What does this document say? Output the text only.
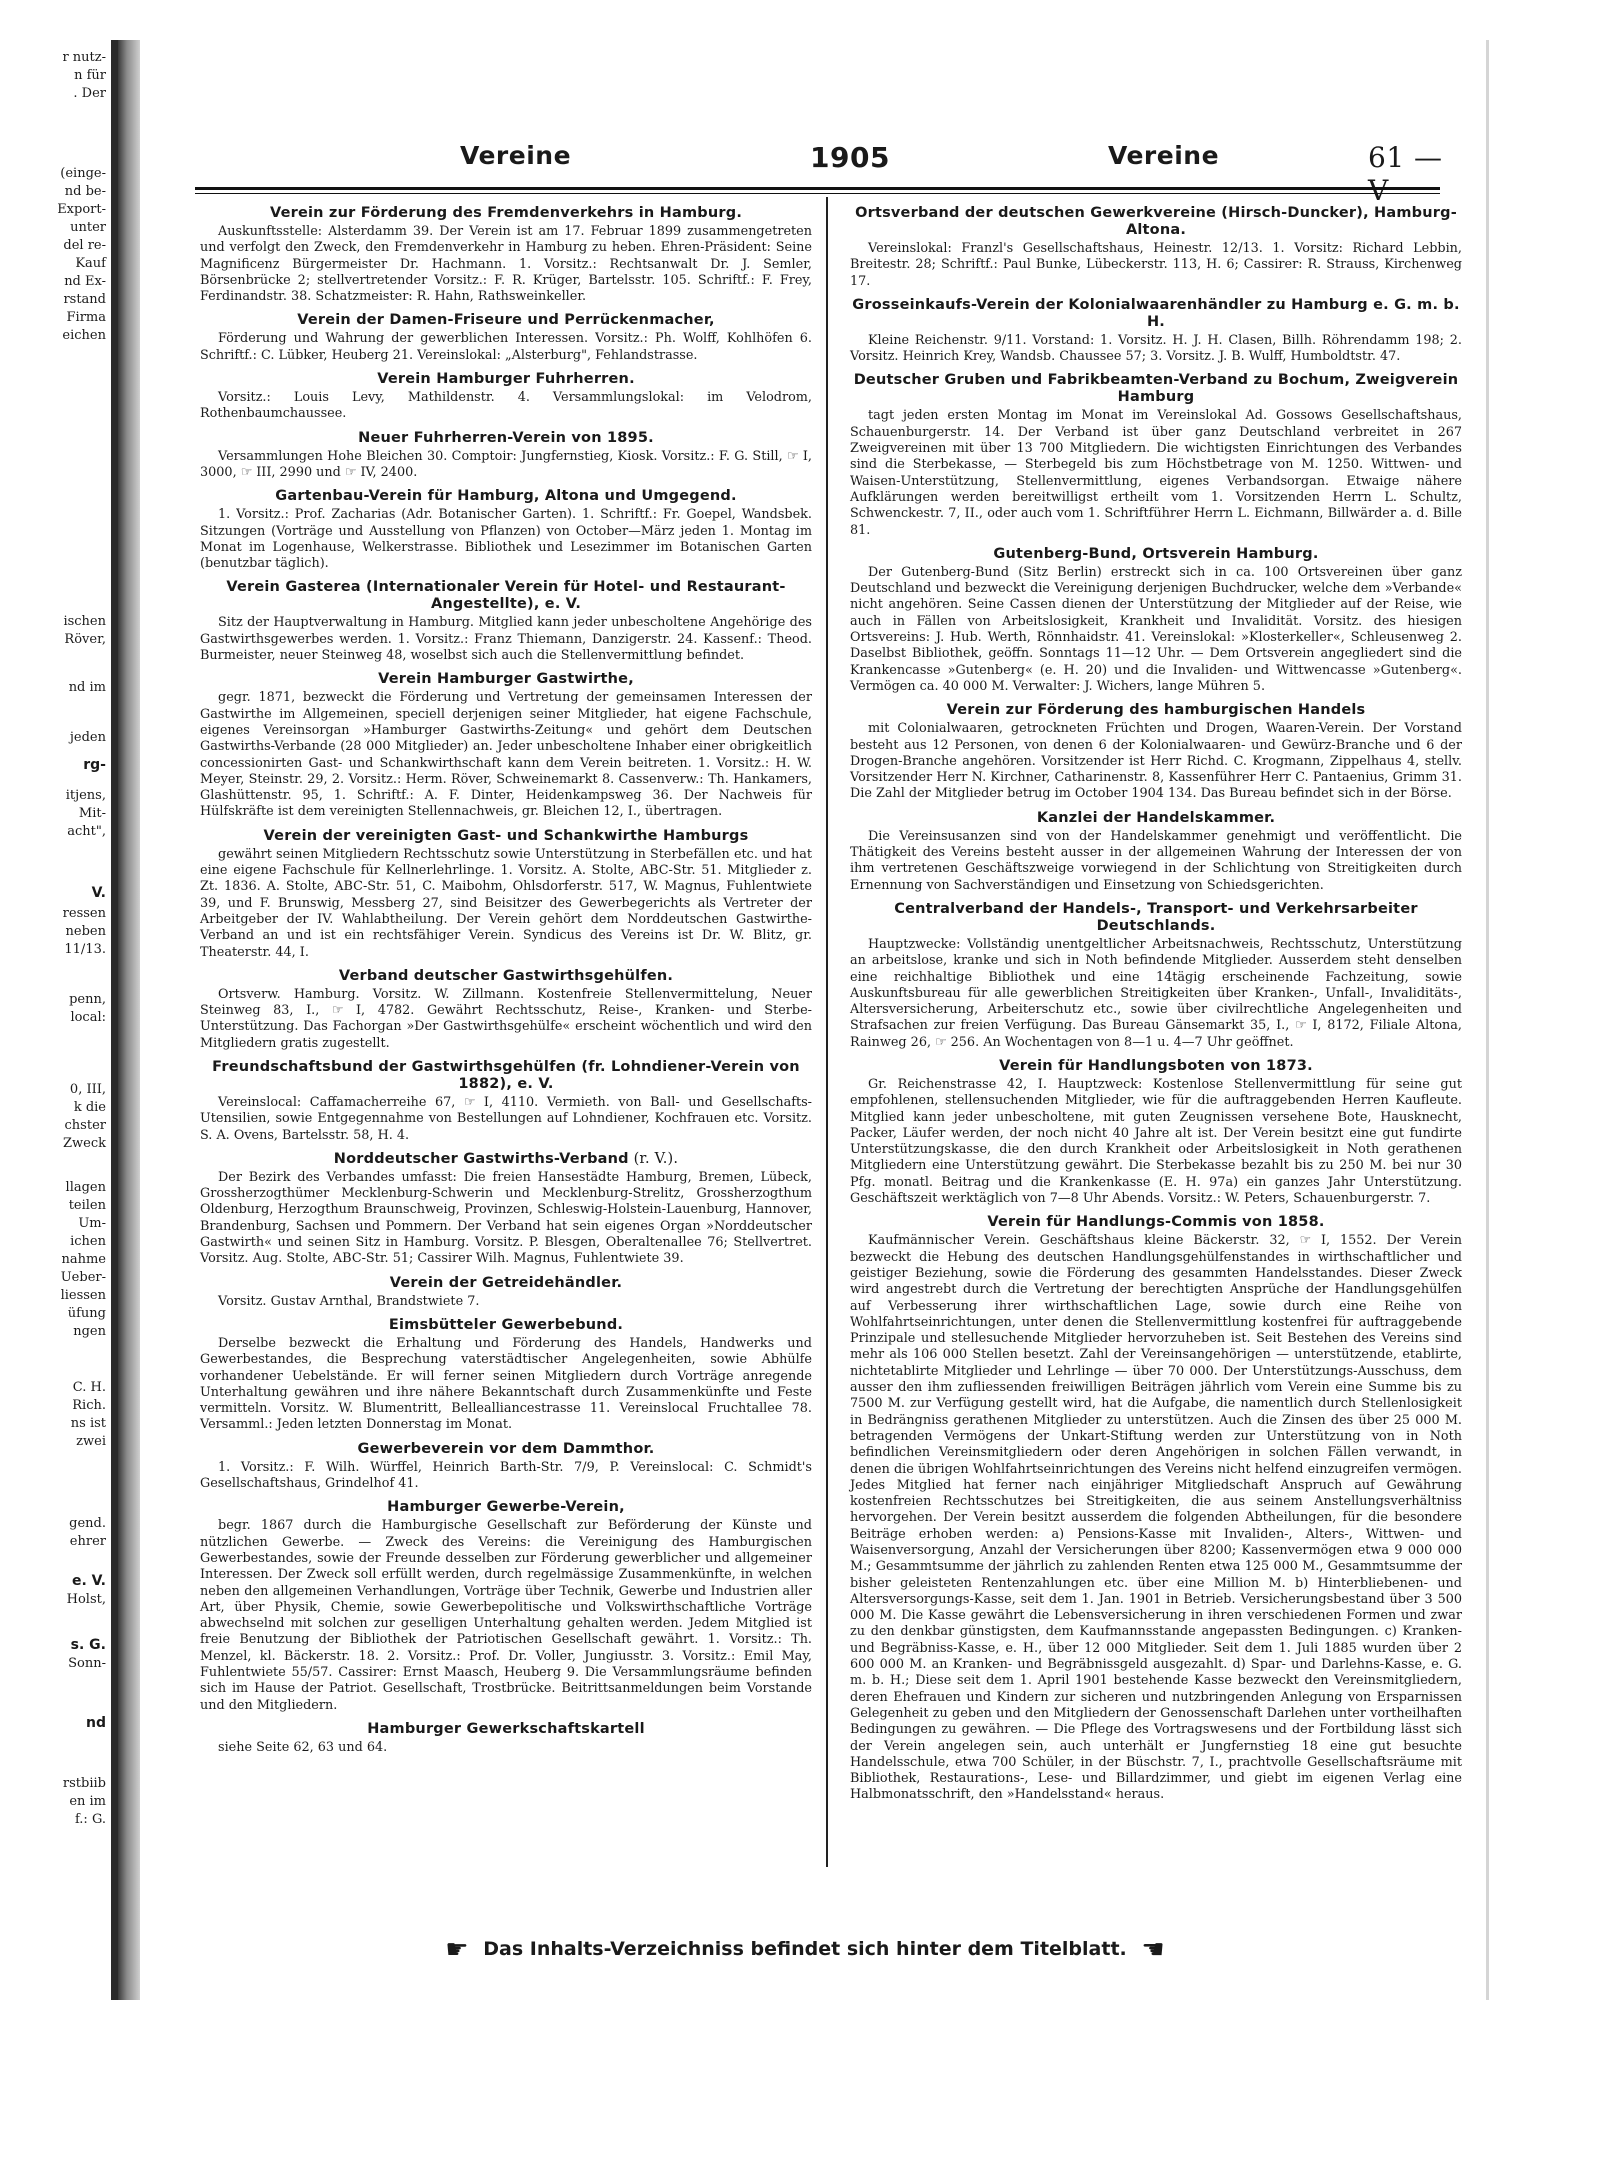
r nutz-
n für
. Der
(einge-
nd be-
Export-
unter
del re-
Kauf
nd Ex-
rstand
Firma
eichen
ischen
Röver,
nd im
jeden
rg-
itjens,
Mit-
acht",
V.
ressen
neben
11/13.
penn,
local:
0, III,
k die
chster
Zweck
llagen
teilen
Um-
ichen
nahme
Ueber-
liessen
üfung
ngen
C. H.
Rich.
ns ist
zwei
gend.
ehrer
e. V.
Holst,
s. G.
Sonn-
nd
rstbiib
en im
f.: G.
Vereine	1905	Vereine	61 — V
Verein zur Förderung des Fremdenverkehrs in Hamburg.

Auskunftsstelle: Alsterdamm 39. Der Verein ist am 17. Februar 1899 zusammengetreten und verfolgt den Zweck, den Fremdenverkehr in Hamburg zu heben. Ehren-Präsident: Seine Magnificenz Bürgermeister Dr. Hachmann. 1. Vorsitz.: Rechtsanwalt Dr. J. Semler, Börsenbrücke 2; stellvertretender Vorsitz.: F. R. Krüger, Bartelsstr. 105. Schriftf.: F. Frey, Ferdinandstr. 38. Schatzmeister: R. Hahn, Rathsweinkeller.

Verein der Damen-Friseure und Perrückenmacher,

Förderung und Wahrung der gewerblichen Interessen. Vorsitz.: Ph. Wolff, Kohlhöfen 6. Schriftf.: C. Lübker, Heuberg 21. Vereinslokal: „Alsterburg", Fehlandstrasse.

Verein Hamburger Fuhrherren.

Vorsitz.: Louis Levy, Mathildenstr. 4. Versammlungslokal: im Velodrom, Rothenbaumchaussee.

Neuer Fuhrherren-Verein von 1895.

Versammlungen Hohe Bleichen 30. Comptoir: Jungfernstieg, Kiosk. Vorsitz.: F. G. Still, ☞ I, 3000, ☞ III, 2990 und ☞ IV, 2400.

Gartenbau-Verein für Hamburg, Altona und Umgegend.

1. Vorsitz.: Prof. Zacharias (Adr. Botanischer Garten). 1. Schriftf.: Fr. Goepel, Wandsbek. Sitzungen (Vorträge und Ausstellung von Pflanzen) von October—März jeden 1. Montag im Monat im Logenhause, Welkerstrasse. Bibliothek und Lesezimmer im Botanischen Garten (benutzbar täglich).

Verein Gasterea (Internationaler Verein für Hotel- und Restaurant-Angestellte), e. V.

Sitz der Hauptverwaltung in Hamburg. Mitglied kann jeder unbescholtene Angehörige des Gastwirthsgewerbes werden. 1. Vorsitz.: Franz Thiemann, Danzigerstr. 24. Kassenf.: Theod. Burmeister, neuer Steinweg 48, woselbst sich auch die Stellenvermittlung befindet.

Verein Hamburger Gastwirthe,

gegr. 1871, bezweckt die Förderung und Vertretung der gemeinsamen Interessen der Gastwirthe im Allgemeinen, speciell derjenigen seiner Mitglieder, hat eigene Fachschule, eigenes Vereinsorgan »Hamburger Gastwirths-Zeitung« und gehört dem Deutschen Gastwirths-Verbande (28 000 Mitglieder) an. Jeder unbescholtene Inhaber einer obrigkeitlich concessionirten Gast- und Schankwirthschaft kann dem Verein beitreten. 1. Vorsitz.: H. W. Meyer, Steinstr. 29, 2. Vorsitz.: Herm. Röver, Schweinemarkt 8. Cassenverw.: Th. Hankamers, Glashüttenstr. 95, 1. Schriftf.: A. F. Dinter, Heidenkampsweg 36. Der Nachweis für Hülfskräfte ist dem vereinigten Stellennachweis, gr. Bleichen 12, I., übertragen.

Verein der vereinigten Gast- und Schankwirthe Hamburgs

gewährt seinen Mitgliedern Rechtsschutz sowie Unterstützung in Sterbefällen etc. und hat eine eigene Fachschule für Kellnerlehrlinge. 1. Vorsitz. A. Stolte, ABC-Str. 51. Mitglieder z. Zt. 1836. A. Stolte, ABC-Str. 51, C. Maibohm, Ohlsdorferstr. 517, W. Magnus, Fuhlentwiete 39, und F. Brunswig, Messberg 27, sind Beisitzer des Gewerbegerichts als Vertreter der Arbeitgeber der IV. Wahlabtheilung. Der Verein gehört dem Norddeutschen Gastwirthe-Verband an und ist ein rechtsfähiger Verein. Syndicus des Vereins ist Dr. W. Blitz, gr. Theaterstr. 44, I.

Verband deutscher Gastwirthsgehülfen.

Ortsverw. Hamburg. Vorsitz. W. Zillmann. Kostenfreie Stellenvermittelung, Neuer Steinweg 83, I., ☞ I, 4782. Gewährt Rechtsschutz, Reise-, Kranken- und Sterbe-Unterstützung. Das Fachorgan »Der Gastwirthsgehülfe« erscheint wöchentlich und wird den Mitgliedern gratis zugestellt.

Freundschaftsbund der Gastwirthsgehülfen (fr. Lohndiener-Verein von 1882), e. V.

Vereinslocal: Caffamacherreihe 67, ☞ I, 4110. Vermieth. von Ball- und Gesellschafts-Utensilien, sowie Entgegennahme von Bestellungen auf Lohndiener, Kochfrauen etc. Vorsitz. S. A. Ovens, Bartelsstr. 58, H. 4.

Norddeutscher Gastwirths-Verband (r. V.).

Der Bezirk des Verbandes umfasst: Die freien Hansestädte Hamburg, Bremen, Lübeck, Grossherzogthümer Mecklenburg-Schwerin und Mecklenburg-Strelitz, Grossherzogthum Oldenburg, Herzogthum Braunschweig, Provinzen, Schleswig-Holstein-Lauenburg, Hannover, Brandenburg, Sachsen und Pommern. Der Verband hat sein eigenes Organ »Norddeutscher Gastwirth« und seinen Sitz in Hamburg. Vorsitz. P. Blesgen, Oberaltenallee 76; Stellvertret. Vorsitz. Aug. Stolte, ABC-Str. 51; Cassirer Wilh. Magnus, Fuhlentwiete 39.

Verein der Getreidehändler.

Vorsitz. Gustav Arnthal, Brandstwiete 7.

Eimsbütteler Gewerbebund.

Derselbe bezweckt die Erhaltung und Förderung des Handels, Handwerks und Gewerbestandes, die Besprechung vaterstädtischer Angelegenheiten, sowie Abhülfe vorhandener Uebelstände. Er will ferner seinen Mitgliedern durch Vorträge anregende Unterhaltung gewähren und ihre nähere Bekanntschaft durch Zusammenkünfte und Feste vermitteln. Vorsitz. W. Blumentritt, Bellealliancestrasse 11. Vereinslocal Fruchtallee 78. Versamml.: Jeden letzten Donnerstag im Monat.

Gewerbeverein vor dem Dammthor.

1. Vorsitz.: F. Wilh. Würffel, Heinrich Barth-Str. 7/9, P. Vereinslocal: C. Schmidt's Gesellschaftshaus, Grindelhof 41.

Hamburger Gewerbe-Verein,

begr. 1867 durch die Hamburgische Gesellschaft zur Beförderung der Künste und nützlichen Gewerbe. — Zweck des Vereins: die Vereinigung des Hamburgischen Gewerbestandes, sowie der Freunde desselben zur Förderung gewerblicher und allgemeiner Interessen. Der Zweck soll erfüllt werden, durch regelmässige Zusammenkünfte, in welchen neben den allgemeinen Verhandlungen, Vorträge über Technik, Gewerbe und Industrien aller Art, über Physik, Chemie, sowie Gewerbepolitische und Volkswirthschaftliche Vorträge abwechselnd mit solchen zur geselligen Unterhaltung gehalten werden. Jedem Mitglied ist freie Benutzung der Bibliothek der Patriotischen Gesellschaft gewährt. 1. Vorsitz.: Th. Menzel, kl. Bäckerstr. 18. 2. Vorsitz.: Prof. Dr. Voller, Jungiusstr. 3. Vorsitz.: Emil May, Fuhlentwiete 55/57. Cassirer: Ernst Maasch, Heuberg 9. Die Versammlungsräume befinden sich im Hause der Patriot. Gesellschaft, Trostbrücke. Beitrittsanmeldungen beim Vorstande und den Mitgliedern.

Hamburger Gewerkschaftskartell

siehe Seite 62, 63 und 64.

Ortsverband der deutschen Gewerkvereine (Hirsch-Duncker), Hamburg-Altona.

Vereinslokal: Franzl's Gesellschaftshaus, Heinestr. 12/13. 1. Vorsitz: Richard Lebbin, Breitestr. 28; Schriftf.: Paul Bunke, Lübeckerstr. 113, H. 6; Cassirer: R. Strauss, Kirchenweg 17.

Grosseinkaufs-Verein der Kolonialwaarenhändler zu Hamburg e. G. m. b. H.

Kleine Reichenstr. 9/11. Vorstand: 1. Vorsitz. H. J. H. Clasen, Billh. Röhrendamm 198; 2. Vorsitz. Heinrich Krey, Wandsb. Chaussee 57; 3. Vorsitz. J. B. Wulff, Humboldtstr. 47.

Deutscher Gruben und Fabrikbeamten-Verband zu Bochum, Zweigverein Hamburg

tagt jeden ersten Montag im Monat im Vereinslokal Ad. Gossows Gesellschaftshaus, Schauenburgerstr. 14. Der Verband ist über ganz Deutschland verbreitet in 267 Zweigvereinen mit über 13 700 Mitgliedern. Die wichtigsten Einrichtungen des Verbandes sind die Sterbekasse, — Sterbegeld bis zum Höchstbetrage von M. 1250. Wittwen- und Waisen-Unterstützung, Stellenvermittlung, eigenes Verbandsorgan. Etwaige nähere Aufklärungen werden bereitwilligst ertheilt vom 1. Vorsitzenden Herrn L. Schultz, Schwenckestr. 7, II., oder auch vom 1. Schriftführer Herrn L. Eichmann, Billwärder a. d. Bille 81.

Gutenberg-Bund, Ortsverein Hamburg.

Der Gutenberg-Bund (Sitz Berlin) erstreckt sich in ca. 100 Ortsvereinen über ganz Deutschland und bezweckt die Vereinigung derjenigen Buchdrucker, welche dem »Verbande« nicht angehören. Seine Cassen dienen der Unterstützung der Mitglieder auf der Reise, wie auch in Fällen von Arbeitslosigkeit, Krankheit und Invalidität. Vorsitz. des hiesigen Ortsvereins: J. Hub. Werth, Rönnhaidstr. 41. Vereinslokal: »Klosterkeller«, Schleusenweg 2. Daselbst Bibliothek, geöffn. Sonntags 11—12 Uhr. — Dem Ortsverein angegliedert sind die Krankencasse »Gutenberg« (e. H. 20) und die Invaliden- und Wittwencasse »Gutenberg«. Vermögen ca. 40 000 M. Verwalter: J. Wichers, lange Mühren 5.

Verein zur Förderung des hamburgischen Handels

mit Colonialwaaren, getrockneten Früchten und Drogen, Waaren-Verein. Der Vorstand besteht aus 12 Personen, von denen 6 der Kolonialwaaren- und Gewürz-Branche und 6 der Drogen-Branche angehören. Vorsitzender ist Herr Richd. C. Krogmann, Zippelhaus 4, stellv. Vorsitzender Herr N. Kirchner, Catharinenstr. 8, Kassenführer Herr C. Pantaenius, Grimm 31. Die Zahl der Mitglieder betrug im October 1904 134. Das Bureau befindet sich in der Börse.

Kanzlei der Handelskammer.

Die Vereinsusanzen sind von der Handelskammer genehmigt und veröffentlicht. Die Thätigkeit des Vereins besteht ausser in der allgemeinen Wahrung der Interessen der von ihm vertretenen Geschäftszweige vorwiegend in der Schlichtung von Streitigkeiten durch Ernennung von Sachverständigen und Einsetzung von Schiedsgerichten.

Centralverband der Handels-, Transport- und Verkehrsarbeiter Deutschlands.

Hauptzwecke: Vollständig unentgeltlicher Arbeitsnachweis, Rechtsschutz, Unterstützung an arbeitslose, kranke und sich in Noth befindende Mitglieder. Ausserdem steht denselben eine reichhaltige Bibliothek und eine 14tägig erscheinende Fachzeitung, sowie Auskunftsbureau für alle gewerblichen Streitigkeiten über Kranken-, Unfall-, Invaliditäts-, Altersversicherung, Arbeiterschutz etc., sowie über civilrechtliche Angelegenheiten und Strafsachen zur freien Verfügung. Das Bureau Gänsemarkt 35, I., ☞ I, 8172, Filiale Altona, Rainweg 26, ☞ 256. An Wochentagen von 8—1 u. 4—7 Uhr geöffnet.

Verein für Handlungsboten von 1873.

Gr. Reichenstrasse 42, I. Hauptzweck: Kostenlose Stellenvermittlung für seine gut empfohlenen, stellensuchenden Mitglieder, wie für die auftraggebenden Herren Kaufleute. Mitglied kann jeder unbescholtene, mit guten Zeugnissen versehene Bote, Hausknecht, Packer, Läufer werden, der noch nicht 40 Jahre alt ist. Der Verein besitzt eine gut fundirte Unterstützungskasse, die den durch Krankheit oder Arbeitslosigkeit in Noth gerathenen Mitgliedern eine Unterstützung gewährt. Die Sterbekasse bezahlt bis zu 250 M. bei nur 30 Pfg. monatl. Beitrag und die Krankenkasse (E. H. 97a) ein ganzes Jahr Unterstützung. Geschäftszeit werktäglich von 7—8 Uhr Abends. Vorsitz.: W. Peters, Schauenburgerstr. 7.

Verein für Handlungs-Commis von 1858.

Kaufmännischer Verein. Geschäftshaus kleine Bäckerstr. 32, ☞ I, 1552. Der Verein bezweckt die Hebung des deutschen Handlungsgehülfenstandes in wirthschaftlicher und geistiger Beziehung, sowie die Förderung des gesammten Handelsstandes. Dieser Zweck wird angestrebt durch die Vertretung der berechtigten Ansprüche der Handlungsgehülfen auf Verbesserung ihrer wirthschaftlichen Lage, sowie durch eine Reihe von Wohlfahrtseinrichtungen, unter denen die Stellenvermittlung kostenfrei für auftraggebende Prinzipale und stellesuchende Mitglieder hervorzuheben ist. Seit Bestehen des Vereins sind mehr als 106 000 Stellen besetzt. Zahl der Vereinsangehörigen — unterstützende, etablirte, nichtetablirte Mitglieder und Lehrlinge — über 70 000. Der Unterstützungs-Ausschuss, dem ausser den ihm zufliessenden freiwilligen Beiträgen jährlich vom Verein eine Summe bis zu 7500 M. zur Verfügung gestellt wird, hat die Aufgabe, die namentlich durch Stellenlosigkeit in Bedrängniss gerathenen Mitglieder zu unterstützen. Auch die Zinsen des über 25 000 M. betragenden Vermögens der Unkart-Stiftung werden zur Unterstützung von in Noth befindlichen Vereinsmitgliedern oder deren Angehörigen in solchen Fällen verwandt, in denen die übrigen Wohlfahrtseinrichtungen des Vereins nicht helfend einzugreifen vermögen. Jedes Mitglied hat ferner nach einjähriger Mitgliedschaft Anspruch auf Gewährung kostenfreien Rechtsschutzes bei Streitigkeiten, die aus seinem Anstellungsverhältniss hervorgehen. Der Verein besitzt ausserdem die folgenden Abtheilungen, für die besondere Beiträge erhoben werden: a) Pensions-Kasse mit Invaliden-, Alters-, Wittwen- und Waisenversorgung, Anzahl der Versicherungen über 8200; Kassenvermögen etwa 9 000 000 M.; Gesammtsumme der jährlich zu zahlenden Renten etwa 125 000 M., Gesammtsumme der bisher geleisteten Rentenzahlungen etc. über eine Million M. b) Hinterbliebenen- und Altersversorgungs-Kasse, seit dem 1. Jan. 1901 in Betrieb. Versicherungsbestand über 3 500 000 M. Die Kasse gewährt die Lebensversicherung in ihren verschiedenen Formen und zwar zu den denkbar günstigsten, dem Kaufmannsstande angepassten Bedingungen. c) Kranken- und Begräbniss-Kasse, e. H., über 12 000 Mitglieder. Seit dem 1. Juli 1885 wurden über 2 600 000 M. an Kranken- und Begräbnissgeld ausgezahlt. d) Spar- und Darlehns-Kasse, e. G. m. b. H.; Diese seit dem 1. April 1901 bestehende Kasse bezweckt den Vereinsmitgliedern, deren Ehefrauen und Kindern zur sicheren und nutzbringenden Anlegung von Ersparnissen Gelegenheit zu geben und den Mitgliedern der Genossenschaft Darlehen unter vortheilhaften Bedingungen zu gewähren. — Die Pflege des Vortragswesens und der Fortbildung lässt sich der Verein angelegen sein, auch unterhält er Jungfernstieg 18 eine gut besuchte Handelsschule, etwa 700 Schüler, in der Büschstr. 7, I., prachtvolle Gesellschaftsräume mit Bibliothek, Restaurations-, Lese- und Billardzimmer, und giebt im eigenen Verlag eine Halbmonatsschrift, den »Handelsstand« heraus.

☛ Das Inhalts-Verzeichniss befindet sich hinter dem Titelblatt. ☚
